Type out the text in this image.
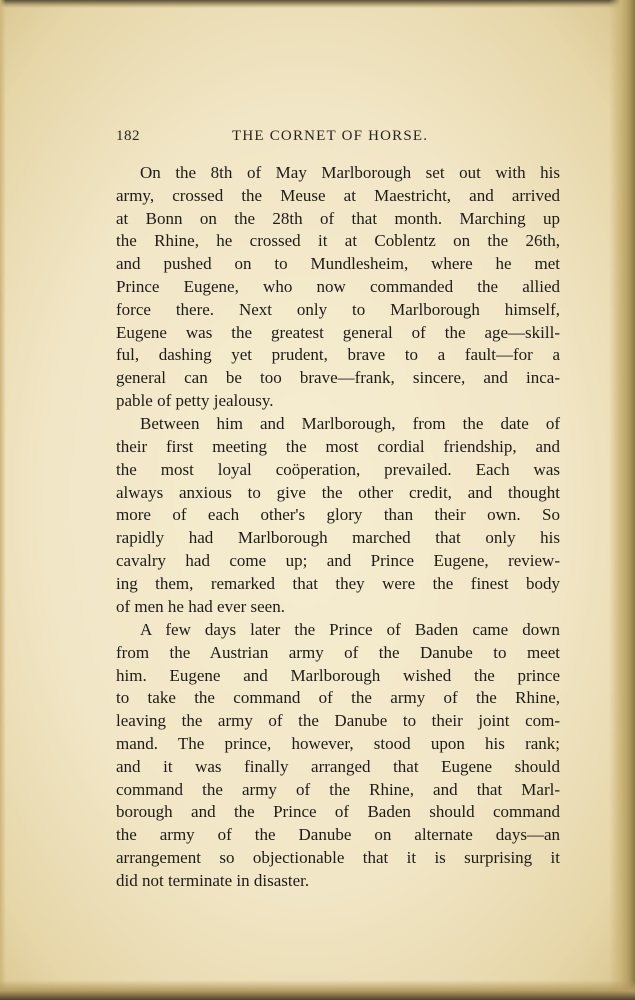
182	THE CORNET OF HORSE.
On the 8th of May Marlborough set out with his
army, crossed the Meuse at Maestricht, and arrived
at Bonn on the 28th of that month. Marching up
the Rhine, he crossed it at Coblentz on the 26th,
and pushed on to Mundlesheim, where he met
Prince Eugene, who now commanded the allied
force there. Next only to Marlborough himself,
Eugene was the greatest general of the age—skill-
ful, dashing yet prudent, brave to a fault—for a
general can be too brave—frank, sincere, and inca-
pable of petty jealousy.
Between him and Marlborough, from the date of
their first meeting the most cordial friendship, and
the most loyal coöperation, prevailed. Each was
always anxious to give the other credit, and thought
more of each other's glory than their own. So
rapidly had Marlborough marched that only his
cavalry had come up; and Prince Eugene, review-
ing them, remarked that they were the finest body
of men he had ever seen.
A few days later the Prince of Baden came down
from the Austrian army of the Danube to meet
him. Eugene and Marlborough wished the prince
to take the command of the army of the Rhine,
leaving the army of the Danube to their joint com-
mand. The prince, however, stood upon his rank;
and it was finally arranged that Eugene should
command the army of the Rhine, and that Marl-
borough and the Prince of Baden should command
the army of the Danube on alternate days—an
arrangement so objectionable that it is surprising it
did not terminate in disaster.
